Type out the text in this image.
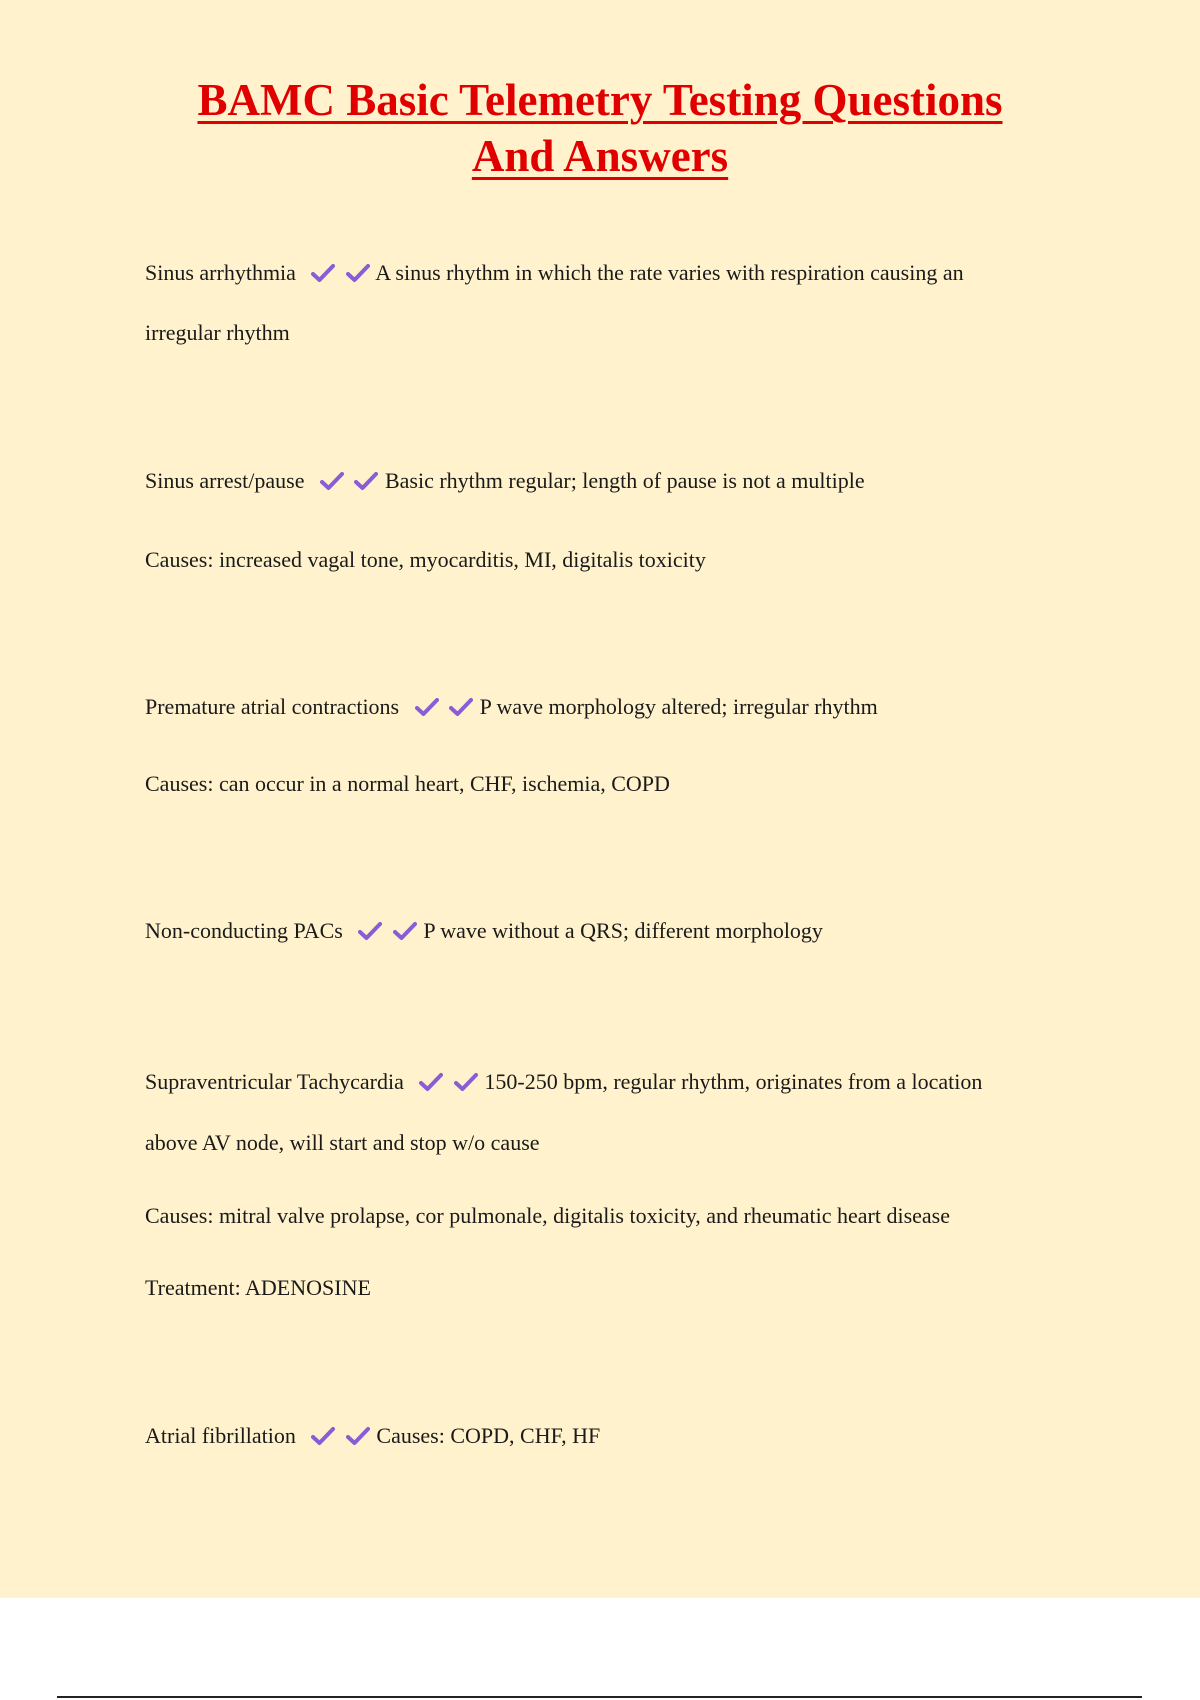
BAMC Basic Telemetry Testing Questions
And Answers
Sinus arrhythmia	A sinus rhythm in which the rate varies with respiration causing an
irregular rhythm
Sinus arrest/pause	Basic rhythm regular; length of pause is not a multiple
Causes: increased vagal tone, myocarditis, MI, digitalis toxicity
Premature atrial contractions	P wave morphology altered; irregular rhythm
Causes: can occur in a normal heart, CHF, ischemia, COPD
Non-conducting PACs	P wave without a QRS; different morphology
Supraventricular Tachycardia	150-250 bpm, regular rhythm, originates from a location
above AV node, will start and stop w/o cause
Causes: mitral valve prolapse, cor pulmonale, digitalis toxicity, and rheumatic heart disease
Treatment: ADENOSINE
Atrial fibrillation	Causes: COPD, CHF, HF
